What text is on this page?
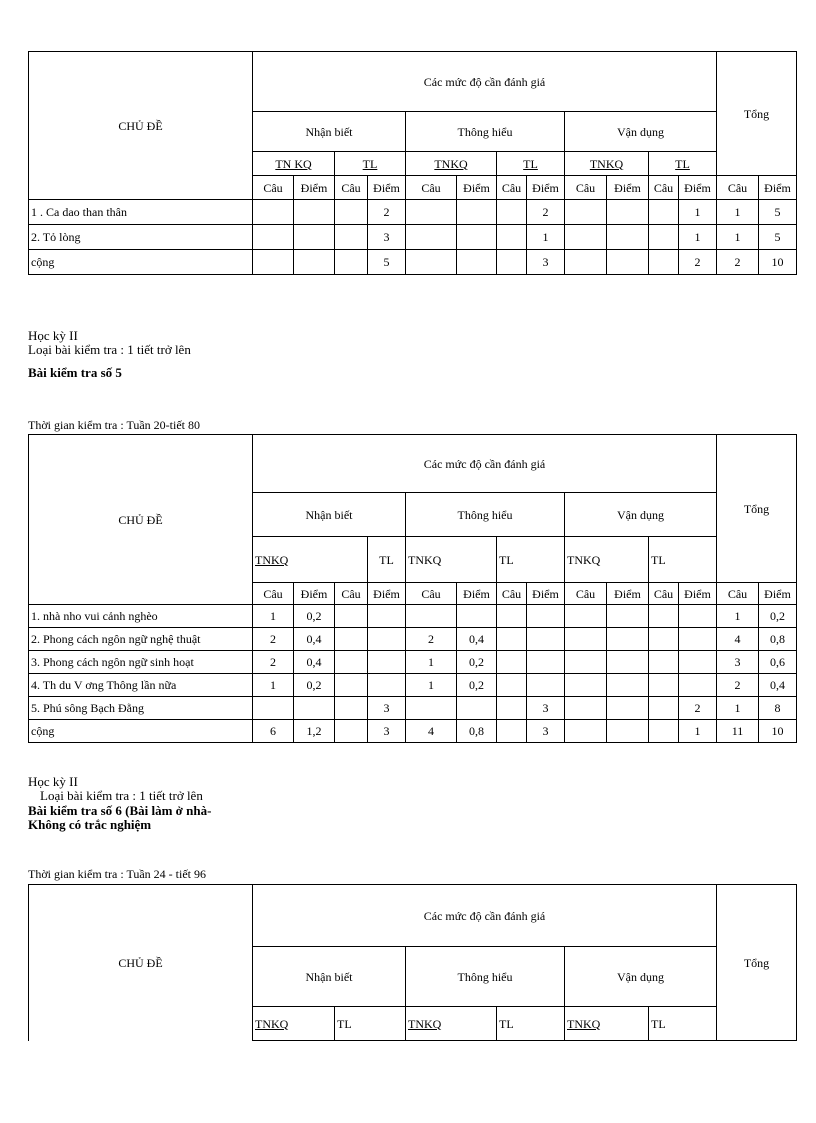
CHỦ ĐỀ	Các mức độ cần đánh giá												Tổng	
	Nhận biết				Thông hiểu				Vận dụng					
	TN KQ		TL		TNKQ		TL		TNKQ		TL			
	Câu	Điểm	Câu	Điểm	Câu	Điểm	Câu	Điểm	Câu	Điểm	Câu	Điểm	Câu	Điểm
1 . Ca dao than thân				2				2				1	1	5
2. Tỏ lòng				3				1				1	1	5
cộng				5				3				2	2	10
Học kỳ II
Loại bài kiểm tra : 1 tiết trở lên
Bài kiểm tra số 5
Thời gian kiểm tra : Tuần 20-tiết 80
CHỦ ĐỀ	Các mức độ cần đánh giá												Tổng	
	Nhận biết				Thông hiểu				Vận dụng					
	TNKQ			TL	TNKQ		TL		TNKQ		TL			
	Câu	Điểm	Câu	Điểm	Câu	Điểm	Câu	Điểm	Câu	Điểm	Câu	Điểm	Câu	Điểm
1. nhà nho vui cảnh nghèo	1	0,2											1	0,2
2. Phong cách ngôn ngữ nghệ thuật	2	0,4			2	0,4							4	0,8
3. Phong cách ngôn ngữ sinh hoạt	2	0,4			1	0,2							3	0,6
4. Th du V ơng Thông lần nữa	1	0,2			1	0,2							2	0,4
5. Phú sông Bạch Đằng				3				3				2	1	8
cộng	6	1,2		3	4	0,8		3				1	11	10
Học kỳ II
Loại bài kiểm tra : 1 tiết trở lên
Bài kiểm tra số 6 (Bài làm ở nhà-
Không có trắc nghiệm
Thời gian kiểm tra : Tuần 24 - tiết 96
CHỦ ĐỀ	Các mức độ cần đánh giá						Tổng
	Nhận biết		Thông hiểu		Vận dụng		
	TNKQ	TL	TNKQ	TL	TNKQ	TL	
